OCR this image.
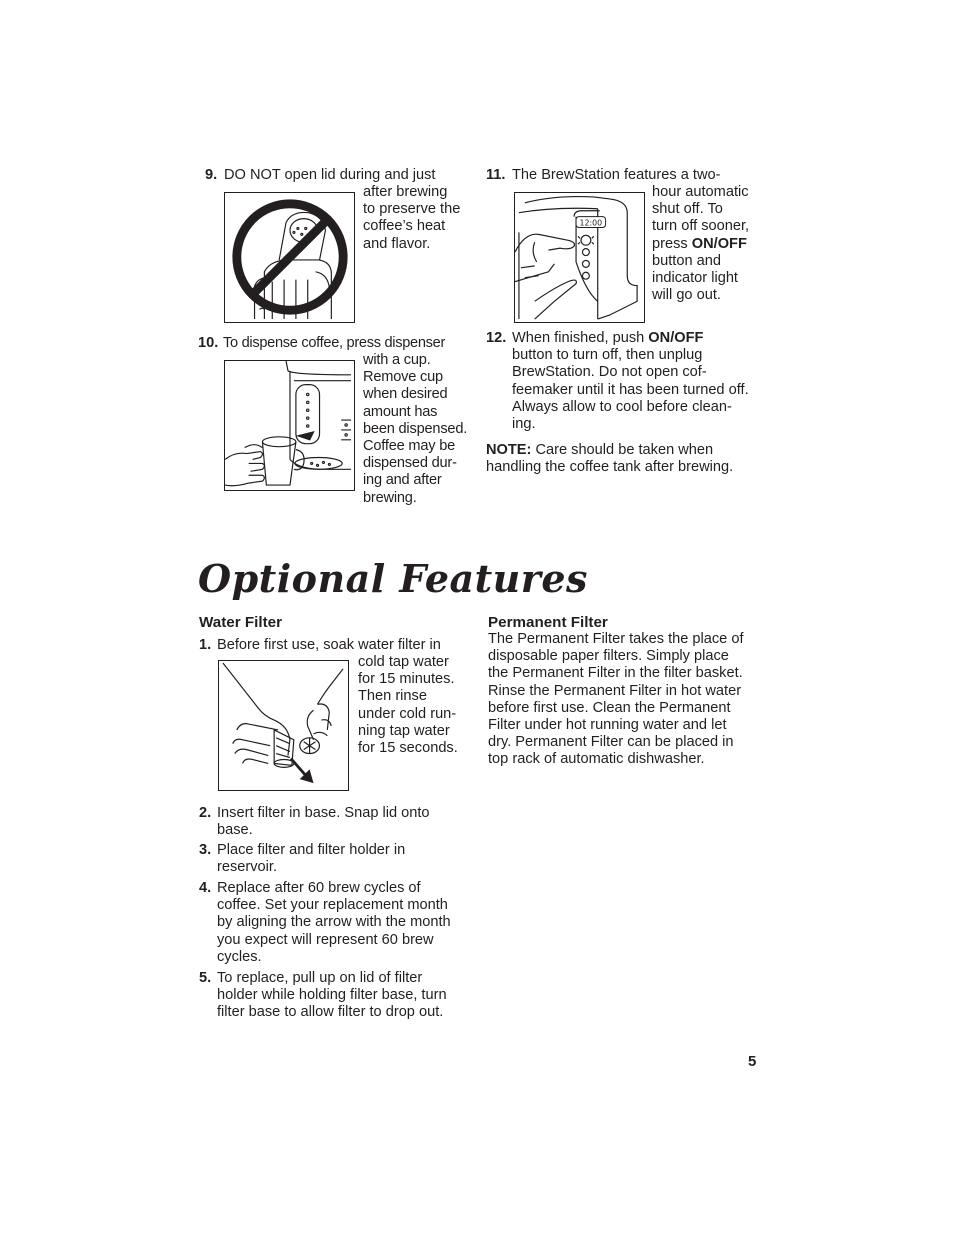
9. DO NOT open lid during and just
after brewing
to preserve the
coffee’s heat
and flavor.
10. To dispense coffee, press dispenser
with a cup.
Remove cup
when desired
amount has
been dispensed.
Coffee may be
dispensed dur-
ing and after
brewing.
11. The BrewStation features a two-
hour automatic
shut off. To
turn off sooner,
press ON/OFF
button and
indicator light
will go out.
12:00
12. When finished, push ON/OFF
button to turn off, then unplug
BrewStation. Do not open cof-
feemaker until it has been turned off.
Always allow to cool before clean-
ing.
NOTE: Care should be taken when
handling the coffee tank after brewing.
Optional Features
Water Filter
1. Before first use, soak water filter in
cold tap water
for 15 minutes.
Then rinse
under cold run-
ning tap water
for 15 seconds.
2. Insert filter in base. Snap lid onto
base.
3. Place filter and filter holder in
reservoir.
4. Replace after 60 brew cycles of
coffee. Set your replacement month
by aligning the arrow with the month
you expect will represent 60 brew
cycles.
5. To replace, pull up on lid of filter
holder while holding filter base, turn
filter base to allow filter to drop out.
Permanent Filter
The Permanent Filter takes the place of
disposable paper filters. Simply place
the Permanent Filter in the filter basket.
Rinse the Permanent Filter in hot water
before first use. Clean the Permanent
Filter under hot running water and let
dry. Permanent Filter can be placed in
top rack of automatic dishwasher.
5
